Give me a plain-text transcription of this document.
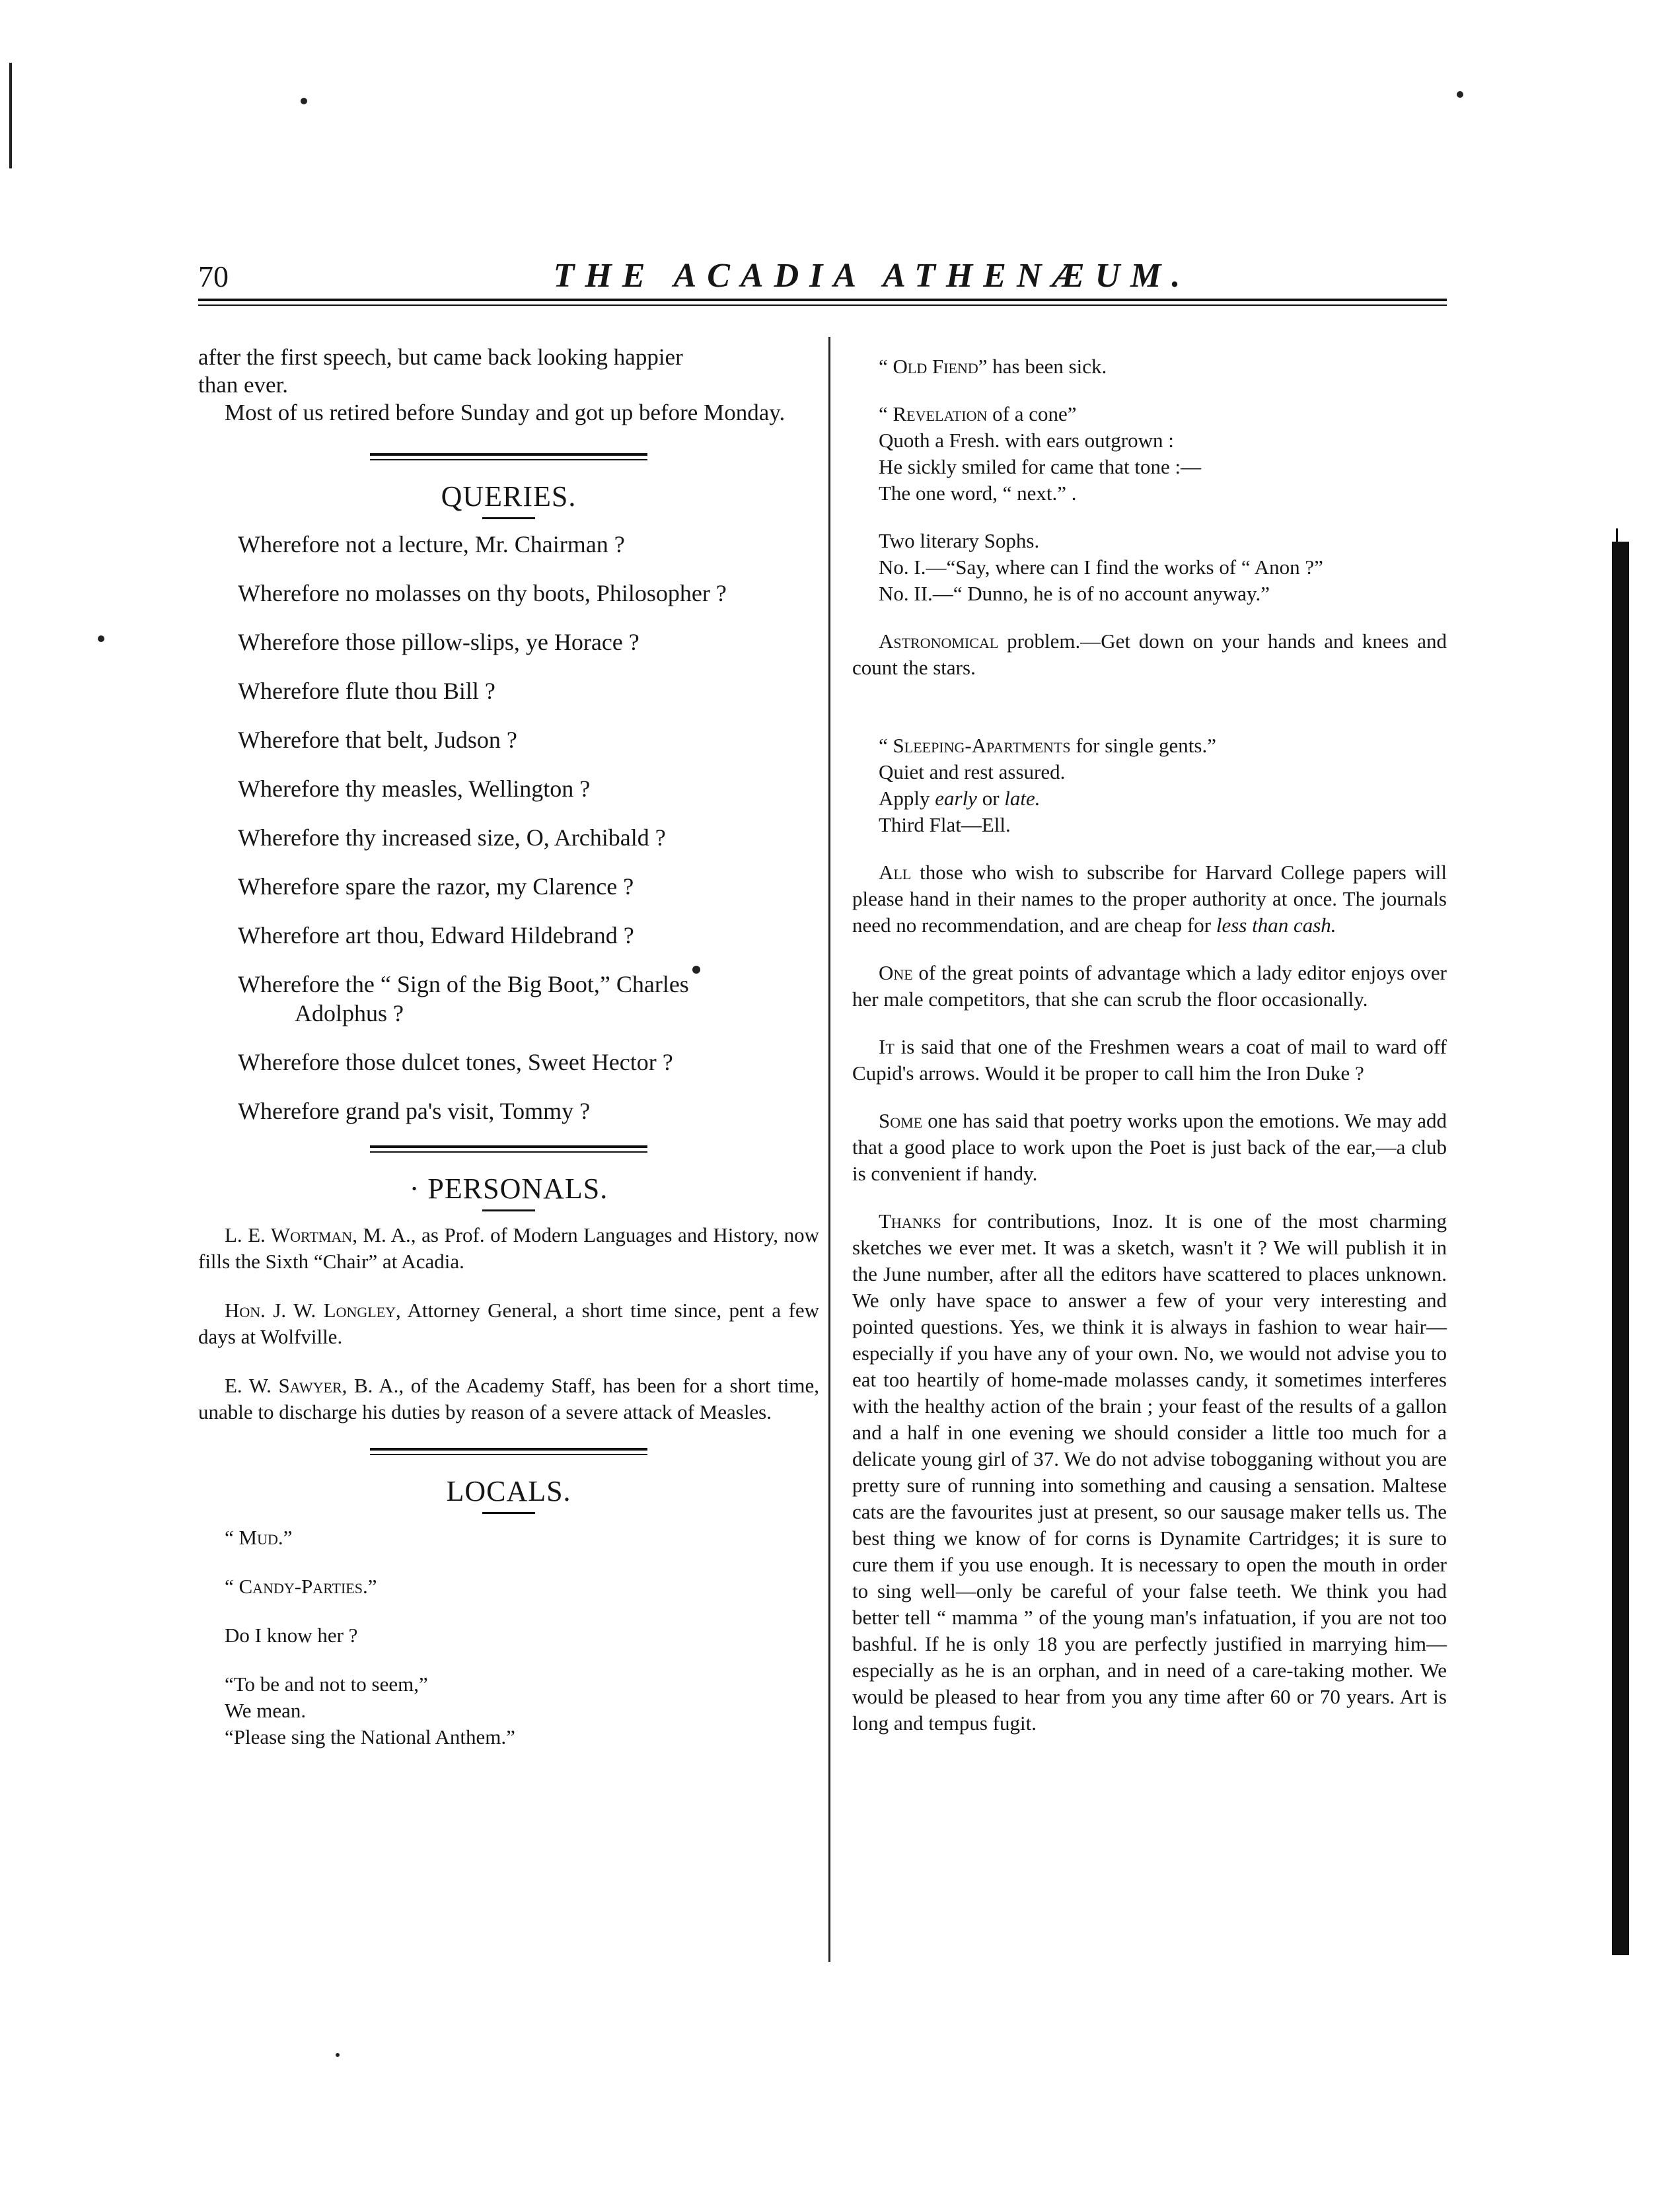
70	THE ACADIA ATHENÆUM.
after the first speech, but came back looking happier
than ever.

Most of us retired before Sunday and got up before Monday.

QUERIES.
Wherefore not a lecture, Mr. Chairman ?
Wherefore no molasses on thy boots, Philosopher ?
Wherefore those pillow-slips, ye Horace ?
Wherefore flute thou Bill ?
Wherefore that belt, Judson ?
Wherefore thy measles, Wellington ?
Wherefore thy increased size, O, Archibald ?
Wherefore spare the razor, my Clarence ?
Wherefore art thou, Edward Hildebrand ?
Wherefore the “ Sign of the Big Boot,” Charles
Adolphus ?
Wherefore those dulcet tones, Sweet Hector ?
Wherefore grand pa's visit, Tommy ?
· PERSONALS.

L. E. Wortman, M. A., as Prof. of Modern Languages and History, now fills the Sixth “Chair” at Acadia.

Hon. J. W. Longley, Attorney General, a short time since, pent a few days at Wolfville.

E. W. Sawyer, B. A., of the Academy Staff, has been for a short time, unable to discharge his duties by reason of a severe attack of Measles.

LOCALS.

“ Mud.”

“ Candy-Parties.”

Do I know her ?

“To be and not to seem,”
We mean.
“Please sing the National Anthem.”

“ Old Fiend” has been sick.

“ Revelation of a cone”
Quoth a Fresh. with ears outgrown :
He sickly smiled for came that tone :—
The one word, “ next.” .
Two literary Sophs.
No. I.—“Say, where can I find the works of “ Anon ?”
No. II.—“ Dunno, he is of no account anyway.”

Astronomical problem.—Get down on your hands and knees and count the stars.

“ Sleeping-Apartments for single gents.”
Quiet and rest assured.
Apply early or late.
Third Flat—Ell.

All those who wish to subscribe for Harvard College papers will please hand in their names to the proper authority at once. The journals need no recommendation, and are cheap for less than cash.

One of the great points of advantage which a lady editor enjoys over her male competitors, that she can scrub the floor occasionally.

It is said that one of the Freshmen wears a coat of mail to ward off Cupid's arrows. Would it be proper to call him the Iron Duke ?

Some one has said that poetry works upon the emotions. We may add that a good place to work upon the Poet is just back of the ear,—a club is convenient if handy.

Thanks for contributions, Inoz. It is one of the most charming sketches we ever met. It was a sketch, wasn't it ? We will publish it in the June number, after all the editors have scattered to places unknown. We only have space to answer a few of your very interesting and pointed questions. Yes, we think it is always in fashion to wear hair—especially if you have any of your own. No, we would not advise you to eat too heartily of home-made molasses candy, it sometimes interferes with the healthy action of the brain ; your feast of the results of a gallon and a half in one evening we should consider a little too much for a delicate young girl of 37. We do not advise tobogganing without you are pretty sure of running into something and causing a sensation. Maltese cats are the favourites just at present, so our sausage maker tells us. The best thing we know of for corns is Dynamite Cartridges; it is sure to cure them if you use enough. It is necessary to open the mouth in order to sing well—only be careful of your false teeth. We think you had better tell “ mamma ” of the young man's infatuation, if you are not too bashful. If he is only 18 you are perfectly justified in marrying him—especially as he is an orphan, and in need of a care-taking mother. We would be pleased to hear from you any time after 60 or 70 years. Art is long and tempus fugit.
